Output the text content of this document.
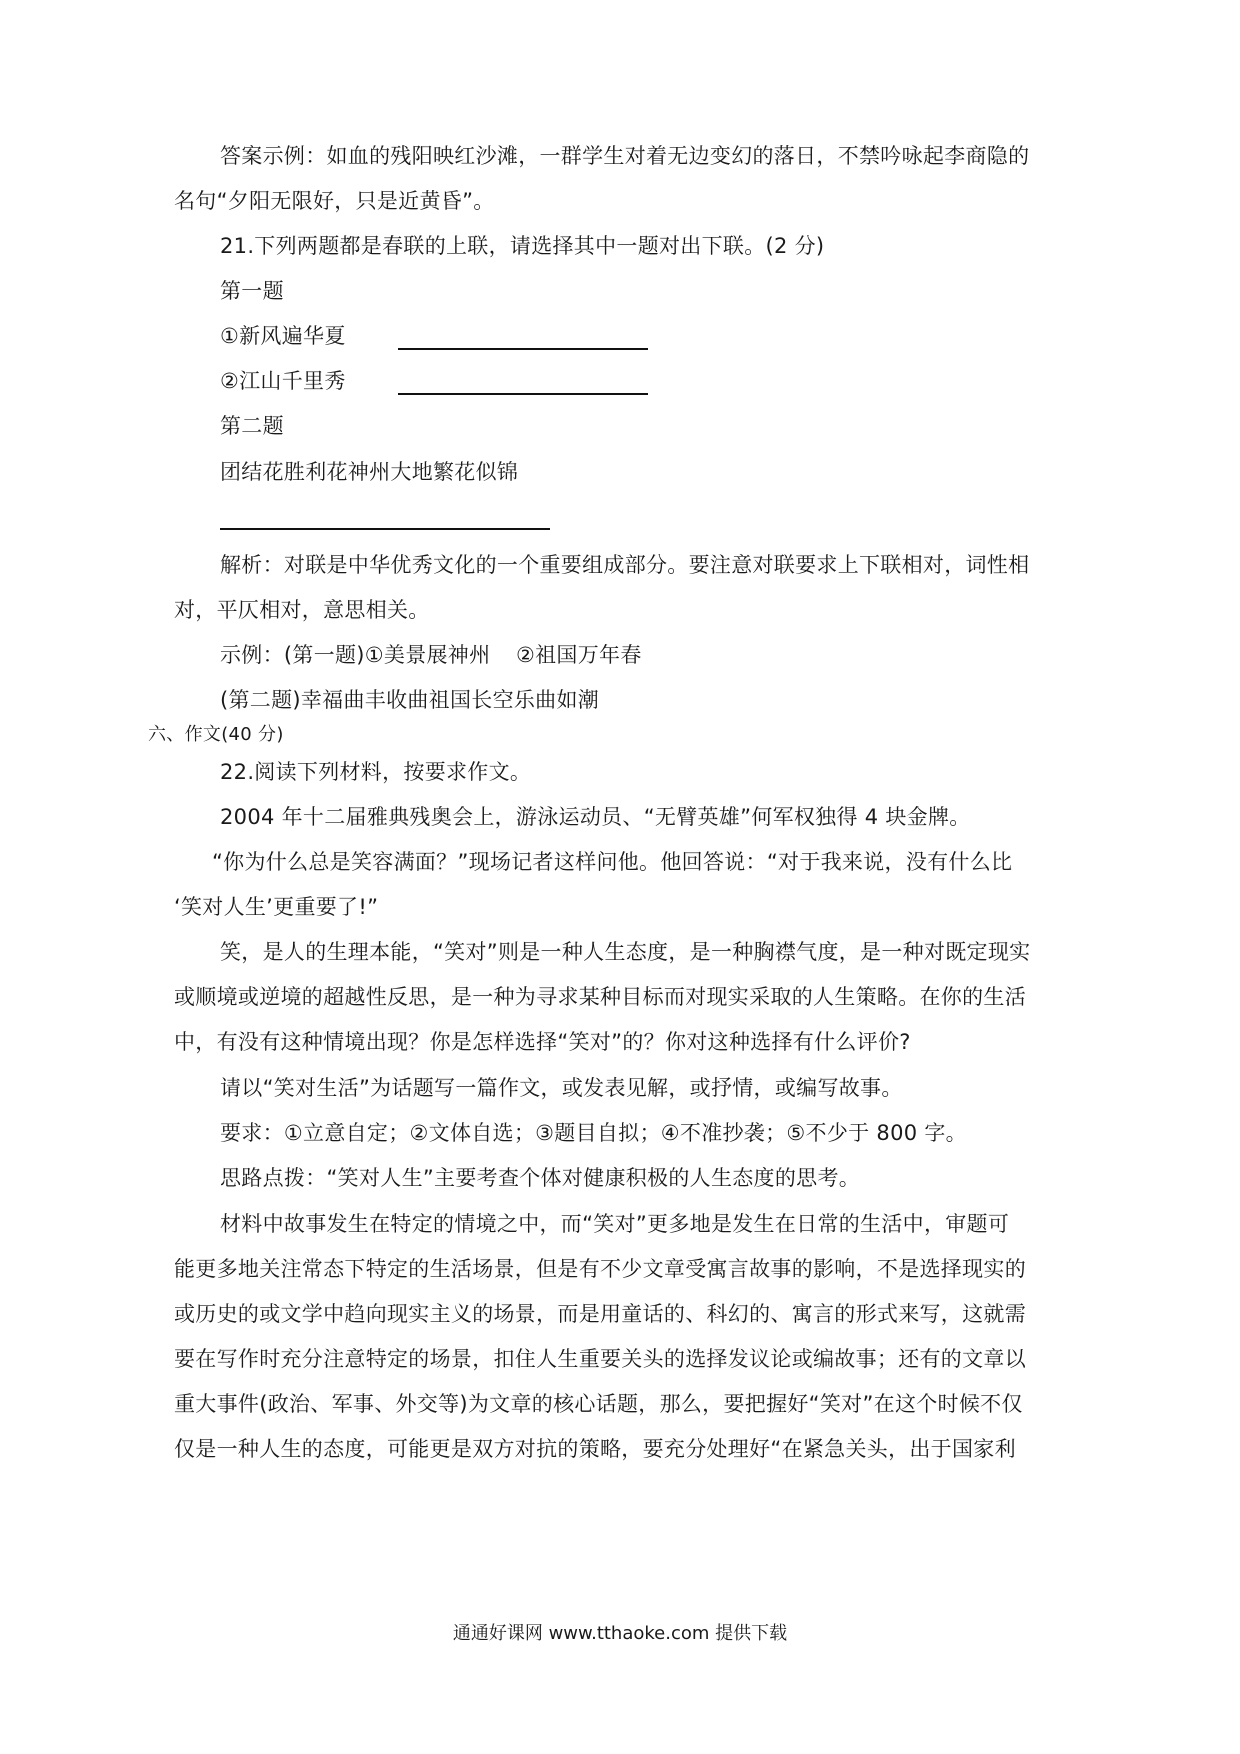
答案示例：如血的残阳映红沙滩，一群学生对着无边变幻的落日，不禁吟咏起李商隐的
名句“夕阳无限好，只是近黄昏”。
21.下列两题都是春联的上联，请选择其中一题对出下联。(2 分)
第一题
①新风遍华夏
②江山千里秀
第二题
团结花胜利花神州大地繁花似锦
解析：对联是中华优秀文化的一个重要组成部分。要注意对联要求上下联相对，词性相
对，平仄相对，意思相关。
示例：(第一题)①美景展神州 ②祖国万年春
(第二题)幸福曲丰收曲祖国长空乐曲如潮
六、作文(40 分)
22.阅读下列材料，按要求作文。
2004 年十二届雅典残奥会上，游泳运动员、“无臂英雄”何军权独得 4 块金牌。
“你为什么总是笑容满面？”现场记者这样问他。他回答说：“对于我来说，没有什么比
‘笑对人生’更重要了!”
笑，是人的生理本能，“笑对”则是一种人生态度，是一种胸襟气度，是一种对既定现实
或顺境或逆境的超越性反思，是一种为寻求某种目标而对现实采取的人生策略。在你的生活
中，有没有这种情境出现？你是怎样选择“笑对”的？你对这种选择有什么评价?
请以“笑对生活”为话题写一篇作文，或发表见解，或抒情，或编写故事。
要求：①立意自定；②文体自选；③题目自拟；④不准抄袭；⑤不少于 800 字。
思路点拨：“笑对人生”主要考查个体对健康积极的人生态度的思考。
材料中故事发生在特定的情境之中，而“笑对”更多地是发生在日常的生活中，审题可
能更多地关注常态下特定的生活场景，但是有不少文章受寓言故事的影响，不是选择现实的
或历史的或文学中趋向现实主义的场景，而是用童话的、科幻的、寓言的形式来写，这就需
要在写作时充分注意特定的场景，扣住人生重要关头的选择发议论或编故事；还有的文章以
重大事件(政治、军事、外交等)为文章的核心话题，那么，要把握好“笑对”在这个时候不仅
仅是一种人生的态度，可能更是双方对抗的策略，要充分处理好“在紧急关头，出于国家利
通通好课网 www.tthaoke.com 提供下载
